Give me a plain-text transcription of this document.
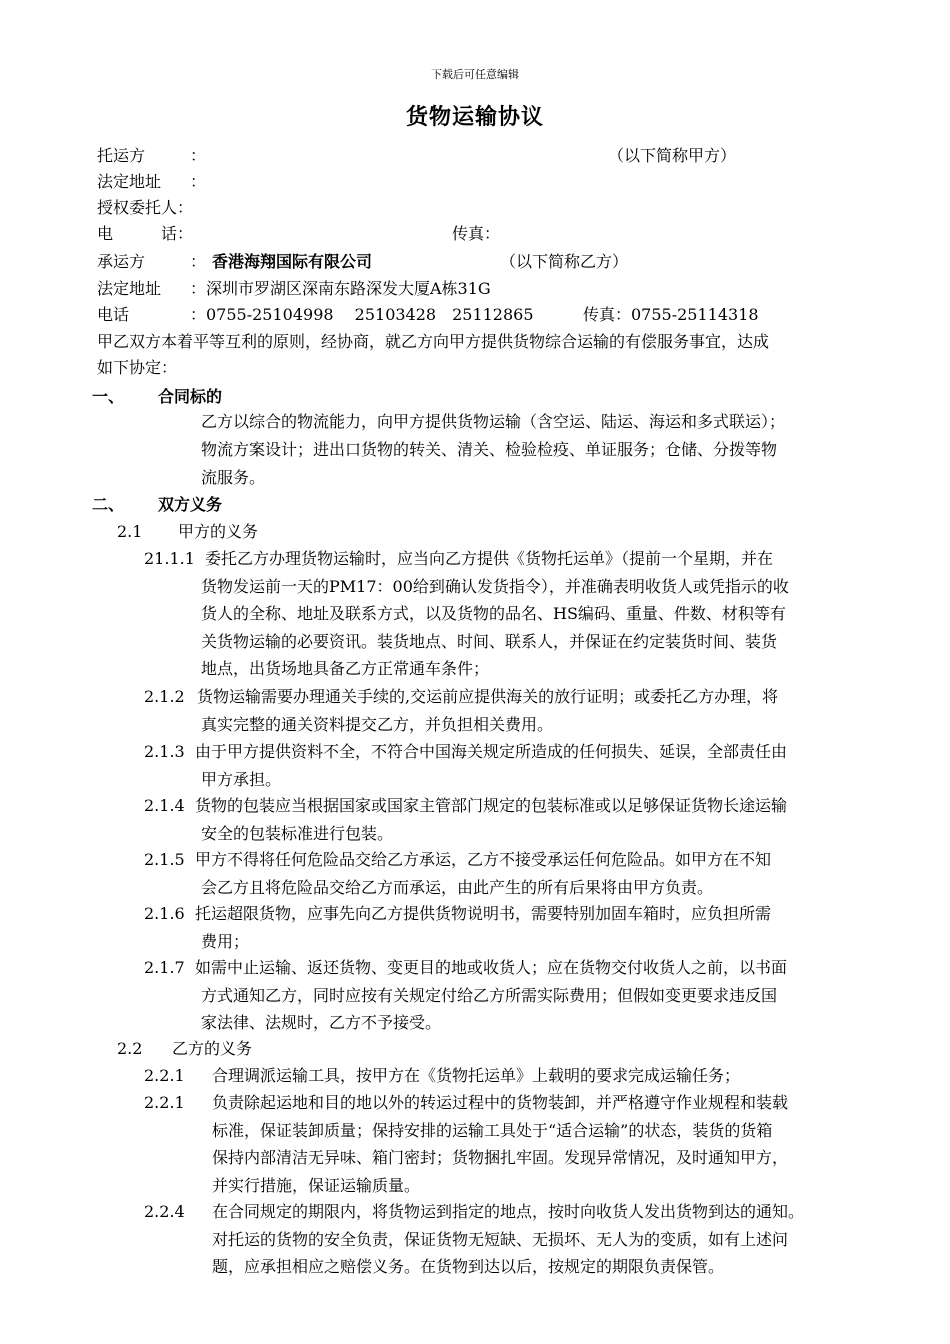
下载后可任意编辑
货物运输协议
托运方	：	（以下简称甲方）
法定地址 ：
授权委托人：
电　　　话：	传真：
承运方	： 香港海翔国际有限公司	（以下简称乙方）
法定地址 ：深圳市罗湖区深南东路深发大厦A栋31G
电话	：0755-25104998　 25103428　25112865	传真：0755-25114318
甲乙双方本着平等互利的原则，经协商，就乙方向甲方提供货物综合运输的有偿服务事宜，达成
如下协定：
一、 合同标的
乙方以综合的物流能力，向甲方提供货物运输（含空运、陆运、海运和多式联运）；
物流方案设计；进出口货物的转关、清关、检验检疫、单证服务；仓储、分拨等物
流服务。
二、 双方义务
2.1 甲方的义务
21.1.1 委托乙方办理货物运输时，应当向乙方提供《货物托运单》（提前一个星期，并在
货物发运前一天的PM17：00给到确认发货指令），并准确表明收货人或凭指示的收
货人的全称、地址及联系方式，以及货物的品名、HS编码、重量、件数、材积等有
关货物运输的必要资讯。装货地点、时间、联系人，并保证在约定装货时间、装货
地点，出货场地具备乙方正常通车条件；
2.1.2 货物运输需要办理通关手续的,交运前应提供海关的放行证明；或委托乙方办理，将
真实完整的通关资料提交乙方，并负担相关费用。
2.1.3 由于甲方提供资料不全，不符合中国海关规定所造成的任何损失、延误，全部责任由
甲方承担。
2.1.4 货物的包装应当根据国家或国家主管部门规定的包装标准或以足够保证货物长途运输
安全的包装标准进行包装。
2.1.5 甲方不得将任何危险品交给乙方承运，乙方不接受承运任何危险品。如甲方在不知
会乙方且将危险品交给乙方而承运，由此产生的所有后果将由甲方负责。
2.1.6 托运超限货物，应事先向乙方提供货物说明书，需要特别加固车箱时，应负担所需
费用；
2.1.7 如需中止运输、返还货物、变更目的地或收货人；应在货物交付收货人之前，以书面
方式通知乙方，同时应按有关规定付给乙方所需实际费用；但假如变更要求违反国
家法律、法规时，乙方不予接受。
2.2 乙方的义务
2.2.1 合理调派运输工具，按甲方在《货物托运单》上载明的要求完成运输任务；
2.2.1 负责除起运地和目的地以外的转运过程中的货物装卸，并严格遵守作业规程和装载
标准，保证装卸质量；保持安排的运输工具处于“适合运输”的状态，装货的货箱
保持内部清洁无异味、箱门密封；货物捆扎牢固。发现异常情况，及时通知甲方，
并实行措施，保证运输质量。
2.2.4 在合同规定的期限内，将货物运到指定的地点，按时向收货人发出货物到达的通知。
对托运的货物的安全负责，保证货物无短缺、无损坏、无人为的变质，如有上述问
题，应承担相应之赔偿义务。在货物到达以后，按规定的期限负责保管。
